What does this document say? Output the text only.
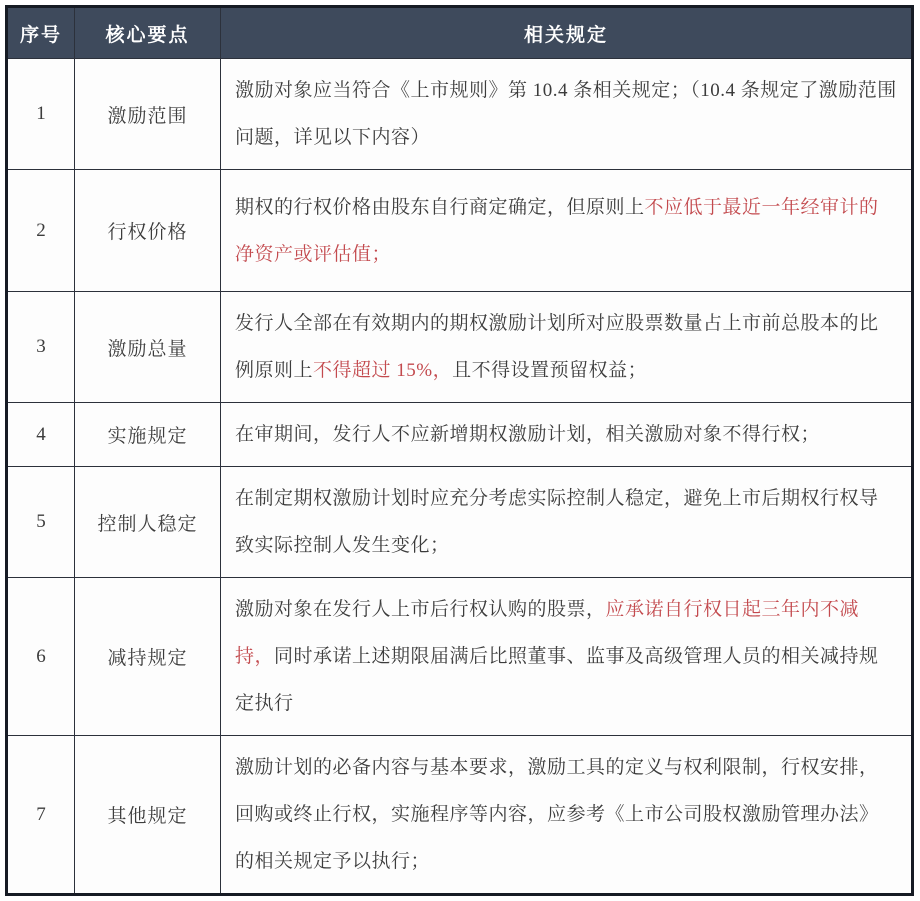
序号	核心要点	相关规定
1	激励范围	激励对象应当符合《上市规则》第 10.4 条相关规定；（10.4 条规定了激励范围问题，详见以下内容）
2	行权价格	期权的行权价格由股东自行商定确定，但原则上不应低于最近一年经审计的净资产或评估值；
3	激励总量	发行人全部在有效期内的期权激励计划所对应股票数量占上市前总股本的比例原则上不得超过 15%，且不得设置预留权益；
4	实施规定	在审期间，发行人不应新增期权激励计划，相关激励对象不得行权；
5	控制人稳定	在制定期权激励计划时应充分考虑实际控制人稳定，避免上市后期权行权导致实际控制人发生变化；
6	减持规定	激励对象在发行人上市后行权认购的股票，应承诺自行权日起三年内不减持，同时承诺上述期限届满后比照董事、监事及高级管理人员的相关减持规定执行
7	其他规定	激励计划的必备内容与基本要求，激励工具的定义与权利限制，行权安排，回购或终止行权，实施程序等内容，应参考《上市公司股权激励管理办法》的相关规定予以执行；
